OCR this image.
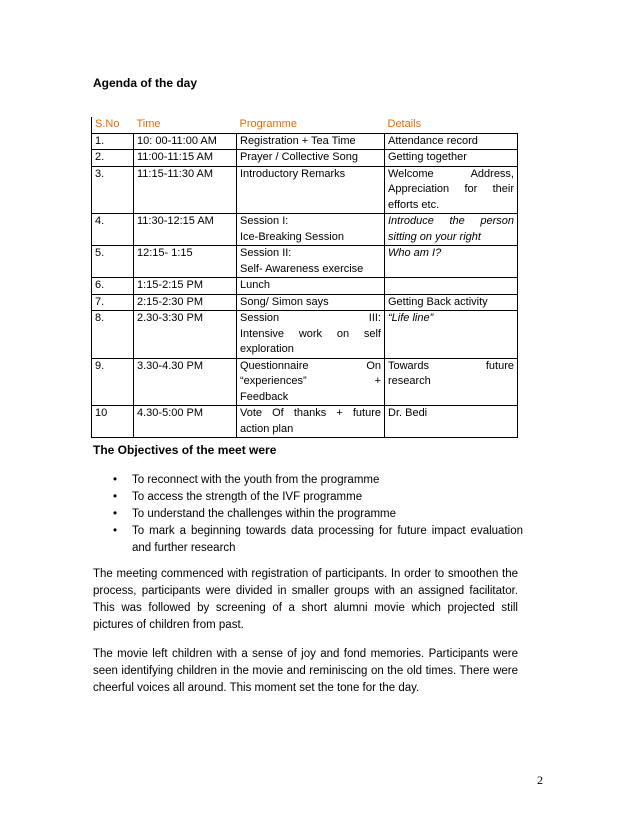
Agenda of the day
S.No	Time	Programme	Details
1.	10: 00-11:00 AM	Registration + Tea Time	Attendance record

2.	11:00-11:15 AM	Prayer / Collective Song	Getting together

3.	11:15-11:30 AM	Introductory Remarks	Welcome Address,
Appreciation for their
efforts etc.

4.	11:30-12:15 AM	Session I:
Ice-Breaking Session	Introduce the person
sitting on your right

5.	12:15- 1:15	Session II:
Self- Awareness exercise	Who am I?

6.	1:15-2:15 PM	Lunch	

7.	2:15-2:30 PM	Song/ Simon says	Getting Back activity

8.	2.30-3:30 PM	Session III:
Intensive work on self
exploration	“Life line”

9.	3.30-4.30 PM	Questionnaire On
“experiences” +
Feedback	Towards future
research

10	4.30-5:00 PM	Vote Of thanks + future
action plan	Dr. Bedi
The Objectives of the meet were
• To reconnect with the youth from the programme
• To access the strength of the IVF programme
• To understand the challenges within the programme
• To mark a beginning towards data processing for future impact evaluation and further research

The meeting commenced with registration of participants. In order to smoothen the process, participants were divided in smaller groups with an assigned facilitator. This was followed by screening of a short alumni movie which projected still pictures of children from past.

The movie left children with a sense of joy and fond memories. Participants were seen identifying children in the movie and reminiscing on the old times. There were cheerful voices all around. This moment set the tone for the day.

2
